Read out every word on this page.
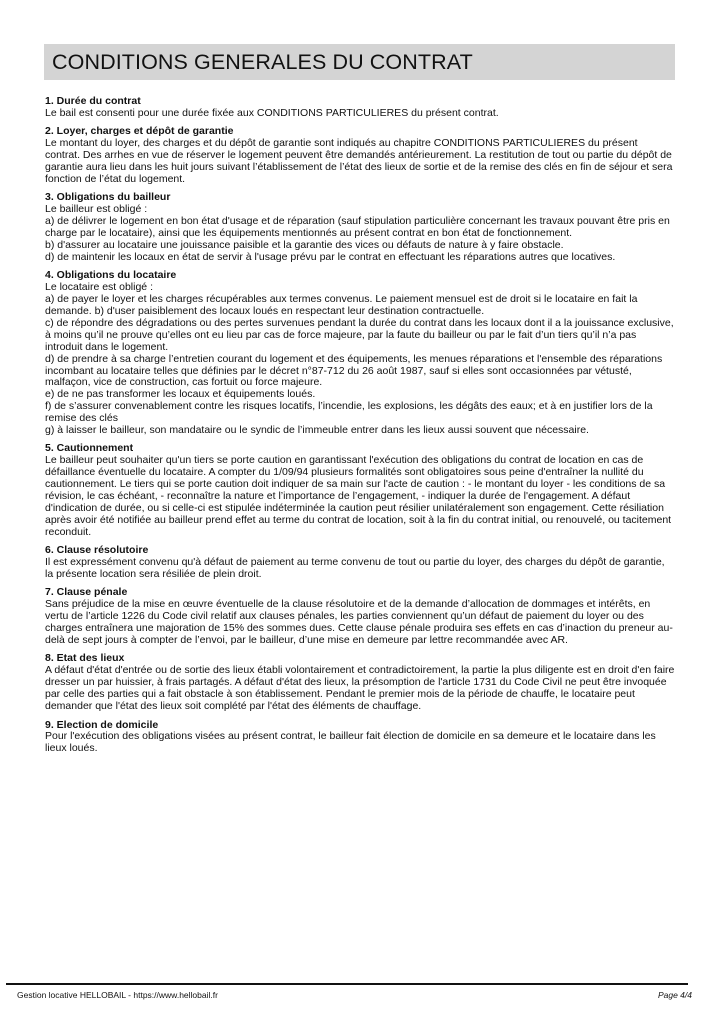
CONDITIONS GENERALES DU CONTRAT
1. Durée du contrat

Le bail est consenti pour une durée fixée aux CONDITIONS PARTICULIERES du présent contrat.

2. Loyer, charges et dépôt de garantie

Le montant du loyer, des charges et du dépôt de garantie sont indiqués au chapitre CONDITIONS PARTICULIERES du présent contrat. Des arrhes en vue de réserver le logement peuvent être demandés antérieurement. La restitution de tout ou partie du dépôt de garantie aura lieu dans les huit jours suivant l’établissement de l’état des lieux de sortie et de la remise des clés en fin de séjour et sera fonction de l’état du logement.

3. Obligations du bailleur

Le bailleur est obligé :

a) de délivrer le logement en bon état d'usage et de réparation (sauf stipulation particulière concernant les travaux pouvant être pris en charge par le locataire), ainsi que les équipements mentionnés au présent contrat en bon état de fonctionnement.

b) d'assurer au locataire une jouissance paisible et la garantie des vices ou défauts de nature à y faire obstacle.

d) de maintenir les locaux en état de servir à l'usage prévu par le contrat en effectuant les réparations autres que locatives.

4. Obligations du locataire

Le locataire est obligé :

a) de payer le loyer et les charges récupérables aux termes convenus. Le paiement mensuel est de droit si le locataire en fait la demande. b) d'user paisiblement des locaux loués en respectant leur destination contractuelle.

c) de répondre des dégradations ou des pertes survenues pendant la durée du contrat dans les locaux dont il a la jouissance exclusive, à moins qu’il ne prouve qu’elles ont eu lieu par cas de force majeure, par la faute du bailleur ou par le fait d’un tiers qu’il n’a pas introduit dans le logement.

d) de prendre à sa charge l’entretien courant du logement et des équipements, les menues réparations et l'ensemble des réparations incombant au locataire telles que définies par le décret n°87-712 du 26 août 1987, sauf si elles sont occasionnées par vétusté, malfaçon, vice de construction, cas fortuit ou force majeure.

e) de ne pas transformer les locaux et équipements loués.

f) de s’assurer convenablement contre les risques locatifs, l’incendie, les explosions, les dégâts des eaux; et à en justifier lors de la remise des clés

g) à laisser le bailleur, son mandataire ou le syndic de l’immeuble entrer dans les lieux aussi souvent que nécessaire.

5. Cautionnement

Le bailleur peut souhaiter qu'un tiers se porte caution en garantissant l'exécution des obligations du contrat de location en cas de défaillance éventuelle du locataire. A compter du 1/09/94 plusieurs formalités sont obligatoires sous peine d'entraîner la nullité du cautionnement. Le tiers qui se porte caution doit indiquer de sa main sur l'acte de caution : - le montant du loyer - les conditions de sa révision, le cas échéant, - reconnaître la nature et l’importance de l’engagement, - indiquer la durée de l'engagement. A défaut d'indication de durée, ou si celle-ci est stipulée indéterminée la caution peut résilier unilatéralement son engagement. Cette résiliation après avoir été notifiée au bailleur prend effet au terme du contrat de location, soit à la fin du contrat initial, ou renouvelé, ou tacitement reconduit.

6. Clause résolutoire

Il est expressément convenu qu'à défaut de paiement au terme convenu de tout ou partie du loyer, des charges du dépôt de garantie, la présente location sera résiliée de plein droit.

7. Clause pénale

Sans préjudice de la mise en œuvre éventuelle de la clause résolutoire et de la demande d’allocation de dommages et intérêts, en vertu de l’article 1226 du Code civil relatif aux clauses pénales, les parties conviennent qu’un défaut de paiement du loyer ou des charges entraînera une majoration de 15% des sommes dues. Cette clause pénale produira ses effets en cas d’inaction du preneur au-delà de sept jours à compter de l’envoi, par le bailleur, d’une mise en demeure par lettre recommandée avec AR.

8. Etat des lieux

A défaut d'état d'entrée ou de sortie des lieux établi volontairement et contradictoirement, la partie la plus diligente est en droit d'en faire dresser un par huissier, à frais partagés. A défaut d'état des lieux, la présomption de l'article 1731 du Code Civil ne peut être invoquée par celle des parties qui a fait obstacle à son établissement. Pendant le premier mois de la période de chauffe, le locataire peut demander que l'état des lieux soit complété par l'état des éléments de chauffage.

9. Election de domicile

Pour l'exécution des obligations visées au présent contrat, le bailleur fait élection de domicile en sa demeure et le locataire dans les lieux loués.

Gestion locative HELLOBAIL - https://www.hellobail.fr	Page 4/4
